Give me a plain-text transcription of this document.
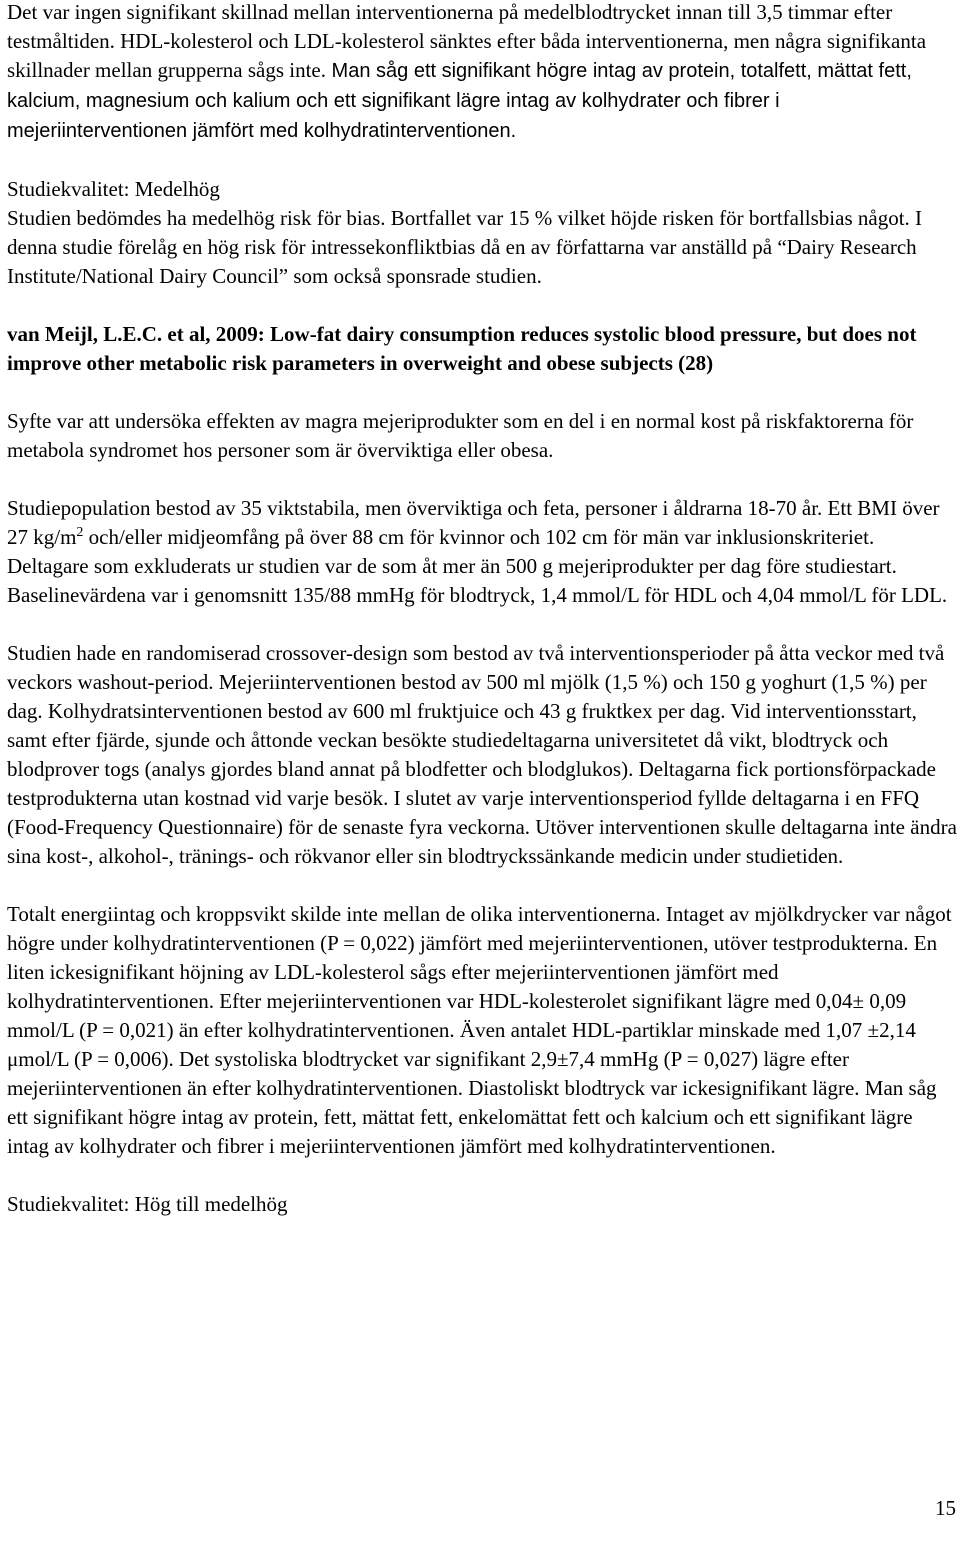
Det var ingen signifikant skillnad mellan interventionerna på medelblodtrycket innan till 3,5 timmar efter testmåltiden. HDL-kolesterol och LDL-kolesterol sänktes efter båda interventionerna, men några signifikanta skillnader mellan grupperna sågs inte. Man såg ett signifikant högre intag av protein, totalfett, mättat fett, kalcium, magnesium och kalium och ett signifikant lägre intag av kolhydrater och fibrer i mejeriinterventionen jämfört med kolhydratinterventionen.

Studiekvalitet: Medelhög

Studien bedömdes ha medelhög risk för bias. Bortfallet var 15 % vilket höjde risken för bortfallsbias något. I denna studie förelåg en hög risk för intressekonfliktbias då en av författarna var anställd på “Dairy Research Institute/National Dairy Council” som också sponsrade studien.

van Meijl, L.E.C. et al, 2009: Low-fat dairy consumption reduces systolic blood pressure, but does not improve other metabolic risk parameters in overweight and obese subjects (28)

Syfte var att undersöka effekten av magra mejeriprodukter som en del i en normal kost på riskfaktorerna för metabola syndromet hos personer som är överviktiga eller obesa.

Studiepopulation bestod av 35 viktstabila, men överviktiga och feta, personer i åldrarna 18-70 år. Ett BMI över 27 $kg/m^2$ och/eller midjeomfång på över 88 cm för kvinnor och 102 cm för män var inklusionskriteriet. Deltagare som exkluderats ur studien var de som åt mer än 500 g mejeriprodukter per dag före studiestart. Baselinevärdena var i genomsnitt 135/88 mmHg för blodtryck, 1,4 mmol/L för HDL och 4,04 mmol/L för LDL.

Studien hade en randomiserad crossover-design som bestod av två interventionsperioder på åtta veckor med två veckors washout-period. Mejeriinterventionen bestod av 500 ml mjölk (1,5 %) och 150 g yoghurt (1,5 %) per dag. Kolhydratsinterventionen bestod av 600 ml fruktjuice och 43 g fruktkex per dag. Vid interventionsstart, samt efter fjärde, sjunde och åttonde veckan besökte studiedeltagarna universitetet då vikt, blodtryck och blodprover togs (analys gjordes bland annat på blodfetter och blodglukos). Deltagarna fick portionsförpackade testprodukterna utan kostnad vid varje besök. I slutet av varje interventionsperiod fyllde deltagarna i en FFQ (Food-Frequency Questionnaire) för de senaste fyra veckorna. Utöver interventionen skulle deltagarna inte ändra sina kost-, alkohol-, tränings- och rökvanor eller sin blodtryckssänkande medicin under studietiden.

Totalt energiintag och kroppsvikt skilde inte mellan de olika interventionerna. Intaget av mjölkdrycker var något högre under kolhydratinterventionen (P = 0,022) jämfört med mejeriinterventionen, utöver testprodukterna. En liten ickesignifikant höjning av LDL-kolesterol sågs efter mejeriinterventionen jämfört med kolhydratinterventionen. Efter mejeriinterventionen var HDL-kolesterolet signifikant lägre med 0,04± 0,09 mmol/L (P = 0,021) än efter kolhydratinterventionen. Även antalet HDL-partiklar minskade med 1,07 ±2,14 μmol/L (P = 0,006). Det systoliska blodtrycket var signifikant 2,9±7,4 mmHg (P = 0,027) lägre efter mejeriinterventionen än efter kolhydratinterventionen. Diastoliskt blodtryck var ickesignifikant lägre. Man såg ett signifikant högre intag av protein, fett, mättat fett, enkelomättat fett och kalcium och ett signifikant lägre intag av kolhydrater och fibrer i mejeriinterventionen jämfört med kolhydratinterventionen.

Studiekvalitet: Hög till medelhög

15
